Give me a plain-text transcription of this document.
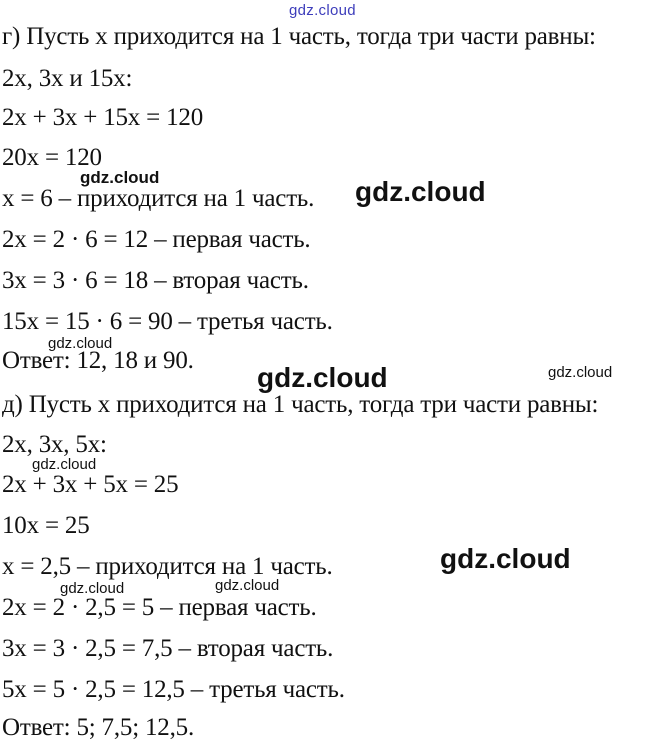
gdz.cloud
gdz.cloud	gdz.cloud
gdz.cloud
gdz.cloud	gdz.cloud
gdz.cloud
gdz.cloud
gdz.cloud	gdz.cloud
г) Пусть x приходится на 1 часть, тогда три части равны:
2x, 3x и 15x:
2x + 3x + 15x = 120
20x = 120
x = 6 – приходится на 1 часть.
2x = 2 · 6 = 12 – первая часть.
3x = 3 · 6 = 18 – вторая часть.
15x = 15 · 6 = 90 – третья часть.
Ответ: 12, 18 и 90.
д) Пусть x приходится на 1 часть, тогда три части равны:
2x, 3x, 5x:
2x + 3x + 5x = 25
10x = 25
x = 2,5 – приходится на 1 часть.
2x = 2 · 2,5 = 5 – первая часть.
3x = 3 · 2,5 = 7,5 – вторая часть.
5x = 5 · 2,5 = 12,5 – третья часть.
Ответ: 5; 7,5; 12,5.
